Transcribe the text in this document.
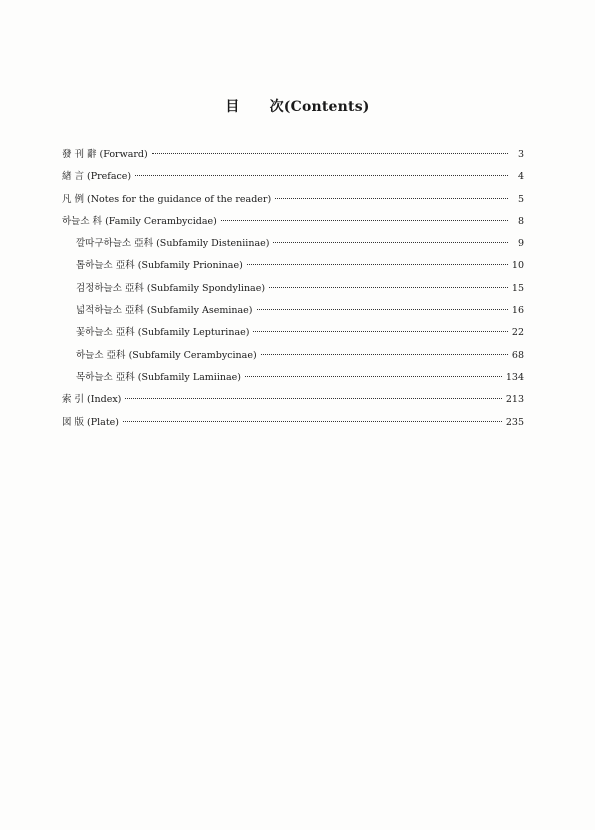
目 次(Contents)
發 刊 辭 (Forward)	3
緖 言 (Preface)	4
凡 例 (Notes for the guidance of the reader)	5
하늘소 科 (Family Cerambycidae)	8
깔따구하늘소 亞科 (Subfamily Disteniinae)	9
톱하늘소 亞科 (Subfamily Prioninae)	10
검정하늘소 亞科 (Subfamily Spondylinae)	15
넓적하늘소 亞科 (Subfamily Aseminae)	16
꽃하늘소 亞科 (Subfamily Lepturinae)	22
하늘소 亞科 (Subfamily Cerambycinae)	68
목하늘소 亞科 (Subfamily Lamiinae)	134
索 引 (Index)	213
図 版 (Plate)	235
